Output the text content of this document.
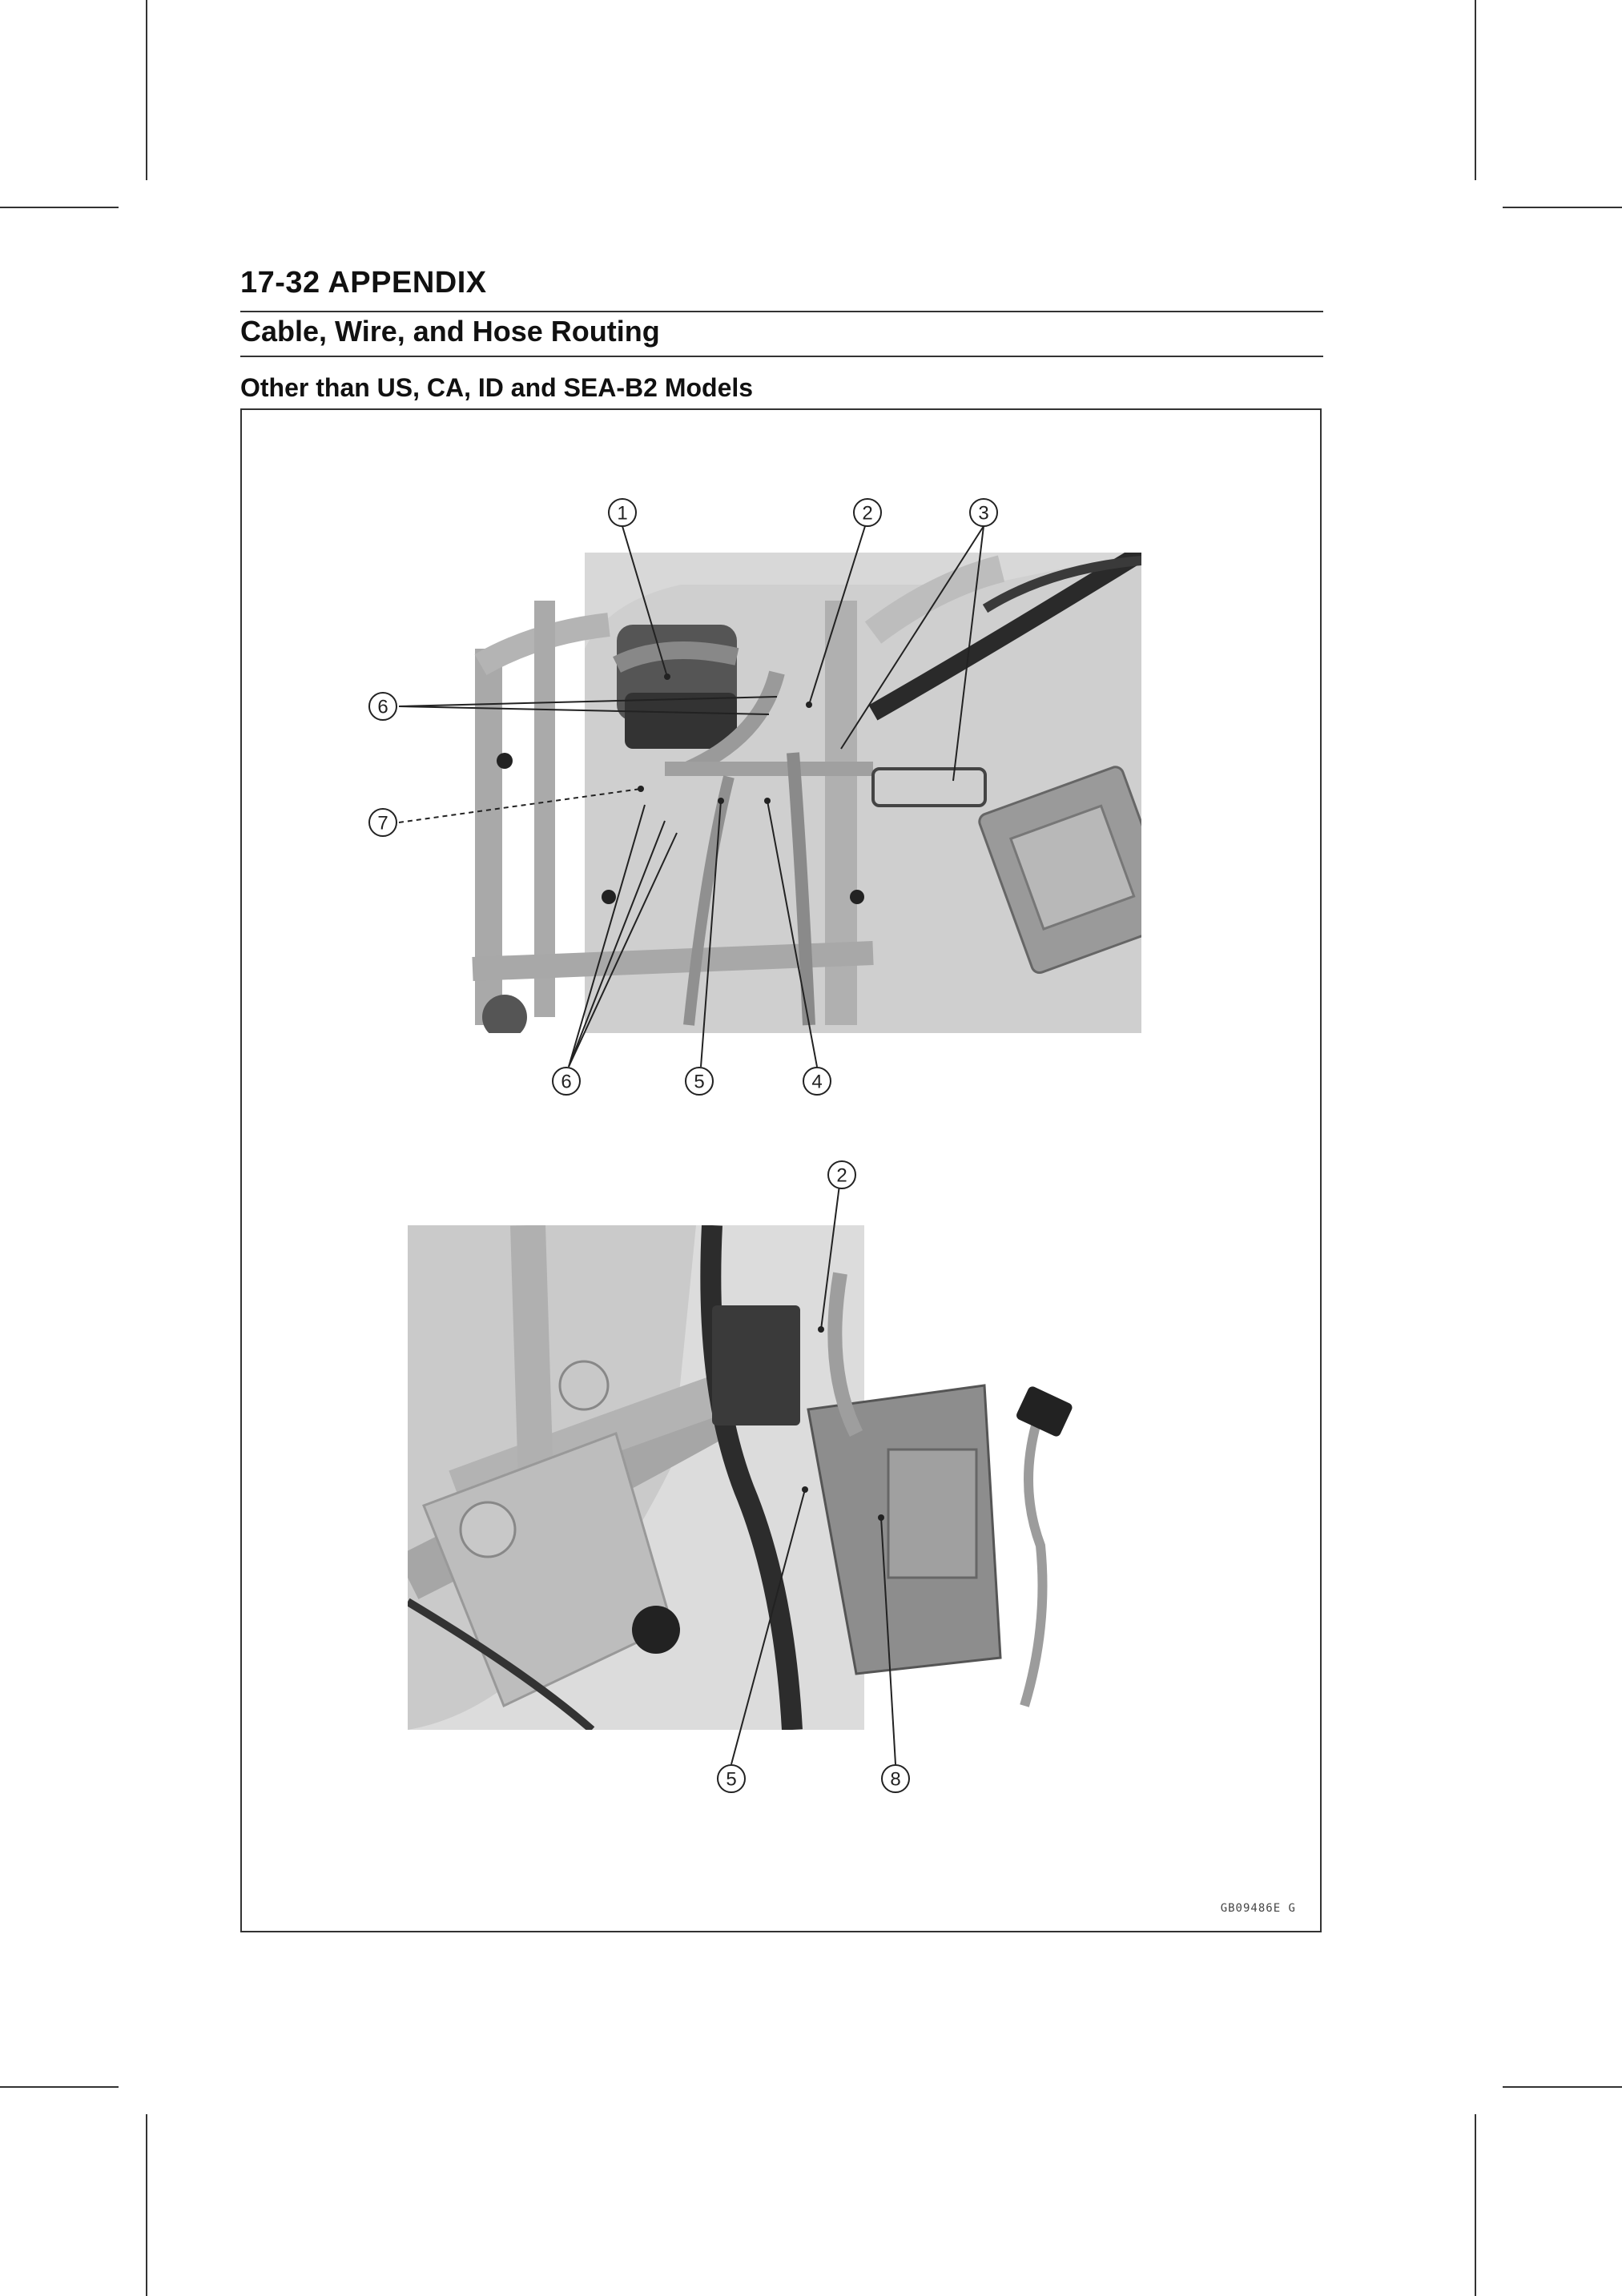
17-32 APPENDIX
Cable, Wire, and Hose Routing
Other than US, CA, ID and SEA-B2 Models
GB09486E G
1	2	3
6
7
6	5	4
2
5	8
